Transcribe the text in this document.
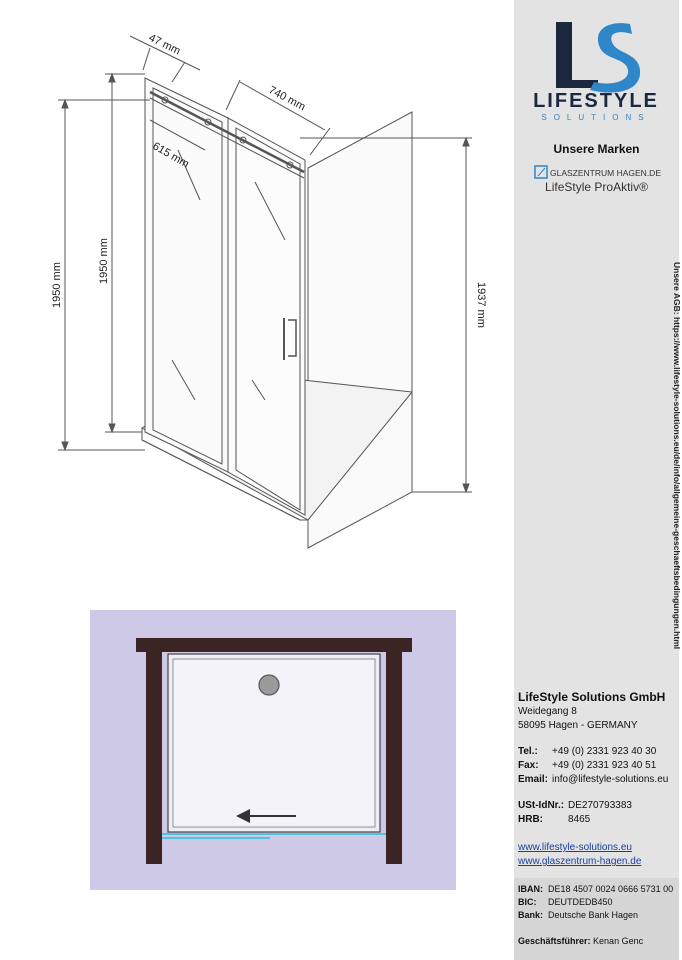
47 mm
740 mm
615 mm
1950 mm
1950 mm
1937 mm
LIFESTYLE
SOLUTIONS
Unsere Marken
GLASZENTRUM HAGEN.DE
LifeStyle ProAktiv®
LifeStyle Solutions GmbH
Weidegang 8
58095 Hagen - GERMANY
Tel.: +49 (0) 2331 923 40 30
Fax: +49 (0) 2331 923 40 51
Email: info@lifestyle-solutions.eu
USt-IdNr.: DE270793383
HRB:	8465
www.lifestyle-solutions.eu
www.glaszentrum-hagen.de
IBAN: DE18 4507 0024 0666 5731 00
BIC: DEUTDEDB450
Bank: Deutsche Bank Hagen
Geschäftsführer: Kenan Genc
Unsere AGB: https://www.lifestyle-solutions.eu/de/info/allgemeine-geschaeftsbedingungen.html
